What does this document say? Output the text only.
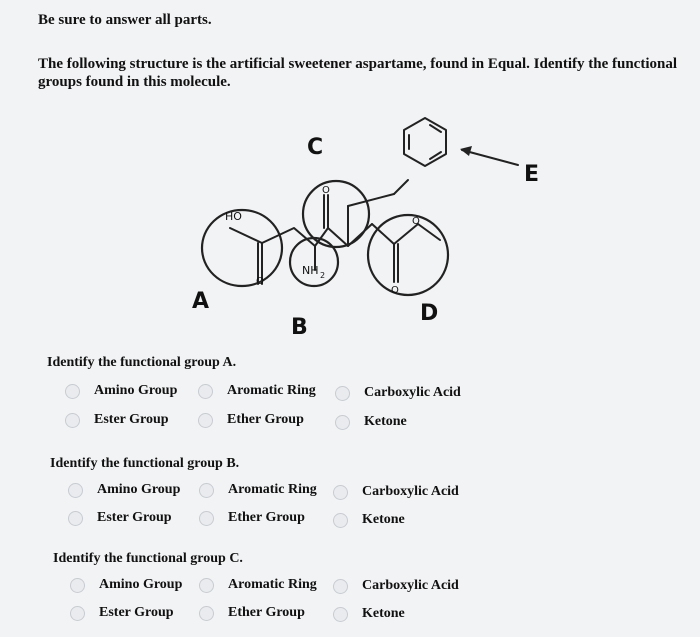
Be sure to answer all parts.
The following structure is the artificial sweetener aspartame, found in Equal. Identify the functional groups found in this molecule.
HO
O
NH 2
O
O
O
C
E
A	D
B
Identify the functional group A.
Amino Group	Aromatic Ring	Carboxylic Acid
Ester Group	Ether Group	Ketone
Identify the functional group B.
Amino Group	Aromatic Ring	Carboxylic Acid
Ester Group	Ether Group	Ketone
Identify the functional group C.
Amino Group	Aromatic Ring	Carboxylic Acid
Ester Group	Ether Group	Ketone
